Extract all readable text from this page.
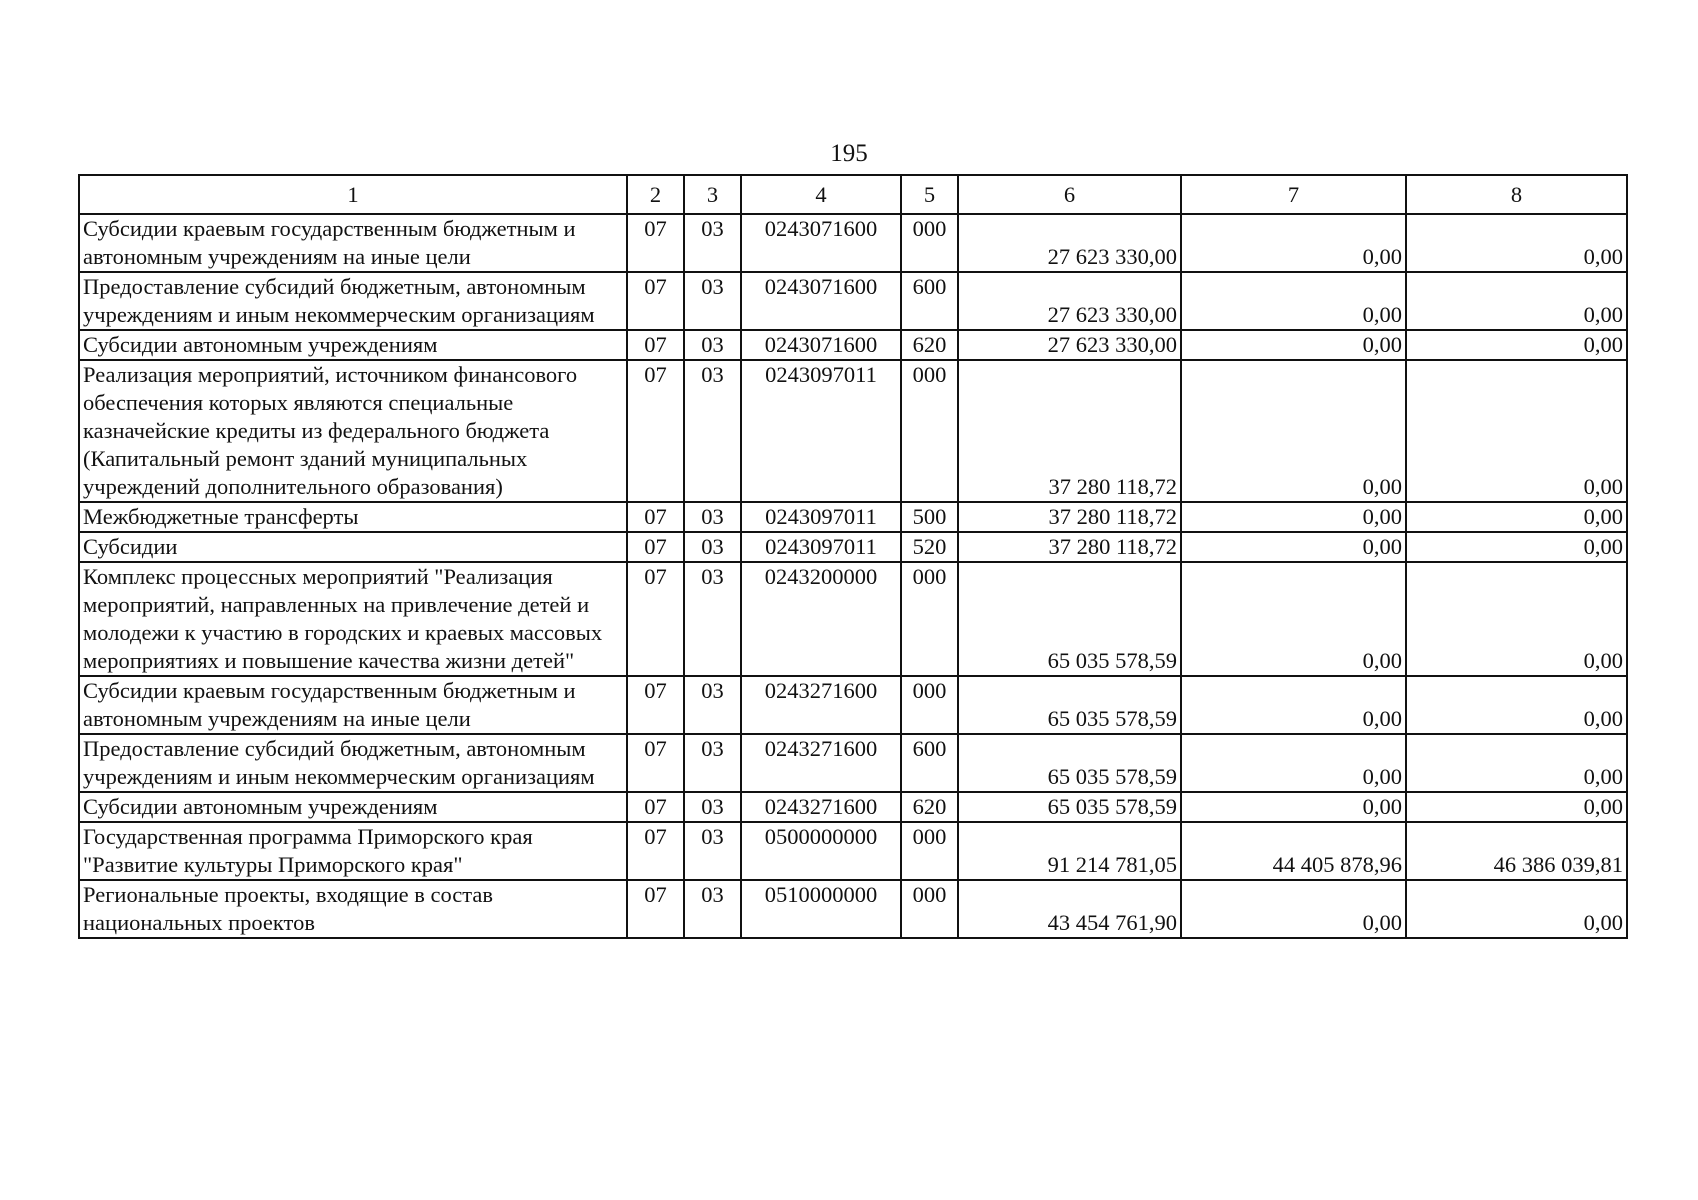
195
1	2	3	4	5	6	7	8
Субсидии краевым государственным бюджетным и автономным учреждениям на иные цели	07	03	0243071600	000	27 623 330,00	0,00	0,00
Предоставление субсидий бюджетным, автономным учреждениям и иным некоммерческим организациям	07	03	0243071600	600	27 623 330,00	0,00	0,00
Субсидии автономным учреждениям	07	03	0243071600	620	27 623 330,00	0,00	0,00
Реализация мероприятий, источником финансового обеспечения которых являются специальные казначейские кредиты из федерального бюджета (Капитальный ремонт зданий муниципальных учреждений дополнительного образования)	07	03	0243097011	000	37 280 118,72	0,00	0,00
Межбюджетные трансферты	07	03	0243097011	500	37 280 118,72	0,00	0,00
Субсидии	07	03	0243097011	520	37 280 118,72	0,00	0,00
Комплекс процессных мероприятий "Реализация мероприятий, направленных на привлечение детей и молодежи к участию в городских и краевых массовых мероприятиях и повышение качества жизни детей"	07	03	0243200000	000	65 035 578,59	0,00	0,00
Субсидии краевым государственным бюджетным и автономным учреждениям на иные цели	07	03	0243271600	000	65 035 578,59	0,00	0,00
Предоставление субсидий бюджетным, автономным учреждениям и иным некоммерческим организациям	07	03	0243271600	600	65 035 578,59	0,00	0,00
Субсидии автономным учреждениям	07	03	0243271600	620	65 035 578,59	0,00	0,00
Государственная программа Приморского края "Развитие культуры Приморского края"	07	03	0500000000	000	91 214 781,05	44 405 878,96	46 386 039,81
Региональные проекты, входящие в состав национальных проектов	07	03	0510000000	000	43 454 761,90	0,00	0,00
